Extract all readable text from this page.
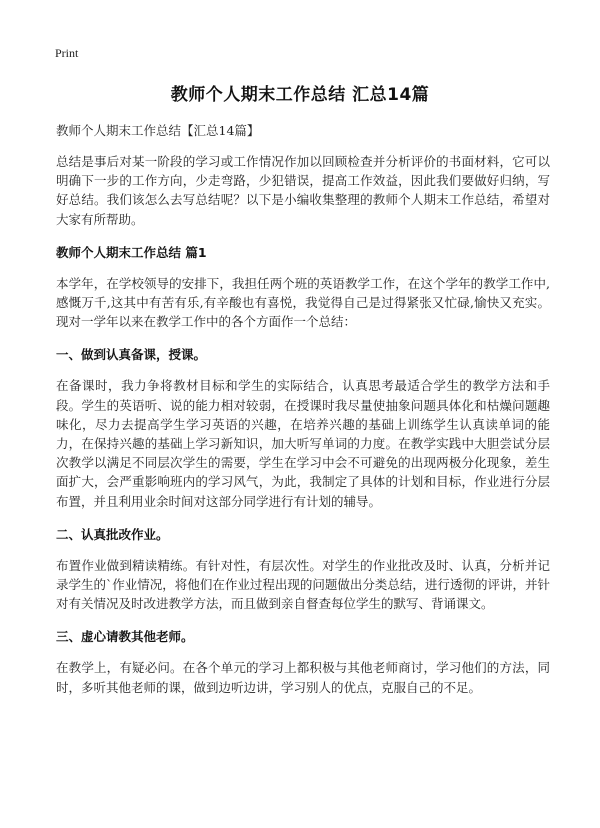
Print
教师个人期末工作总结 汇总14篇

教师个人期末工作总结【汇总14篇】

总结是事后对某一阶段的学习或工作情况作加以回顾检查并分析评价的书面材料，它可以明确下一步的工作方向，少走弯路，少犯错误，提高工作效益，因此我们要做好归纳，写好总结。我们该怎么去写总结呢？以下是小编收集整理的教师个人期末工作总结，希望对大家有所帮助。

教师个人期末工作总结 篇1

本学年，在学校领导的安排下，我担任两个班的英语教学工作，在这个学年的教学工作中,感慨万千,这其中有苦有乐,有辛酸也有喜悦，我觉得自己是过得紧张又忙碌,愉快又充实。现对一学年以来在教学工作中的各个方面作一个总结：

一、做到认真备课，授课。

在备课时，我力争将教材目标和学生的实际结合，认真思考最适合学生的教学方法和手段。学生的英语听、说的能力相对较弱，在授课时我尽量使抽象问题具体化和枯燥问题趣味化，尽力去提高学生学习英语的兴趣，在培养兴趣的基础上训练学生认真读单词的能力，在保持兴趣的基础上学习新知识，加大听写单词的力度。在教学实践中大胆尝试分层次教学以满足不同层次学生的需要，学生在学习中会不可避免的出现两极分化现象，差生面扩大，会严重影响班内的学习风气，为此，我制定了具体的计划和目标，作业进行分层布置，并且利用业余时间对这部分同学进行有计划的辅导。

二、认真批改作业。

布置作业做到精读精练。有针对性，有层次性。对学生的作业批改及时、认真，分析并记录学生的`作业情况，将他们在作业过程出现的问题做出分类总结，进行透彻的评讲，并针对有关情况及时改进教学方法，而且做到亲自督查每位学生的默写、背诵课文。

三、虚心请教其他老师。

在教学上，有疑必问。在各个单元的学习上都积极与其他老师商讨，学习他们的方法，同时，多听其他老师的课，做到边听边讲，学习别人的优点，克服自己的不足。
